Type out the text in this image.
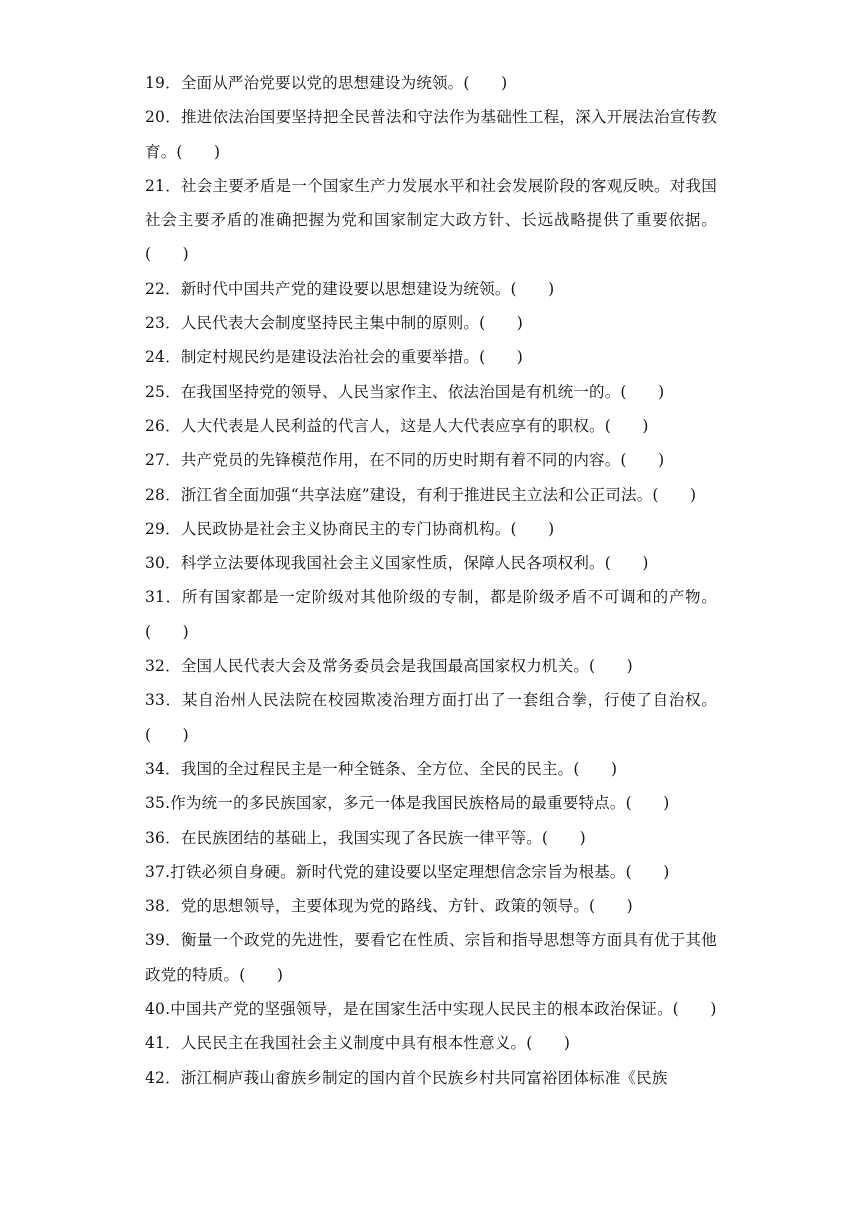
19．全面从严治党要以党的思想建设为统领。(　　)

20．推进依法治国要坚持把全民普法和守法作为基础性工程，深入开展法治宣传教育。(　　)

21．社会主要矛盾是一个国家生产力发展水平和社会发展阶段的客观反映。对我国社会主要矛盾的准确把握为党和国家制定大政方针、长远战略提供了重要依据。(　　)

22．新时代中国共产党的建设要以思想建设为统领。(　　)

23．人民代表大会制度坚持民主集中制的原则。(　　)

24．制定村规民约是建设法治社会的重要举措。(　　)

25．在我国坚持党的领导、人民当家作主、依法治国是有机统一的。(　　)

26．人大代表是人民利益的代言人，这是人大代表应享有的职权。(　　)

27．共产党员的先锋模范作用，在不同的历史时期有着不同的内容。(　　)

28．浙江省全面加强“共享法庭”建设，有利于推进民主立法和公正司法。(　　)

29．人民政协是社会主义协商民主的专门协商机构。(　　)

30．科学立法要体现我国社会主义国家性质，保障人民各项权利。(　　)

31．所有国家都是一定阶级对其他阶级的专制，都是阶级矛盾不可调和的产物。(　　)

32．全国人民代表大会及常务委员会是我国最高国家权力机关。(　　)

33．某自治州人民法院在校园欺凌治理方面打出了一套组合拳，行使了自治权。(　　)

34．我国的全过程民主是一种全链条、全方位、全民的民主。(　　)

35.作为统一的多民族国家，多元一体是我国民族格局的最重要特点。(　　)

36．在民族团结的基础上，我国实现了各民族一律平等。(　　)

37.打铁必须自身硬。新时代党的建设要以坚定理想信念宗旨为根基。(　　)

38．党的思想领导，主要体现为党的路线、方针、政策的领导。(　　)

39．衡量一个政党的先进性，要看它在性质、宗旨和指导思想等方面具有优于其他政党的特质。(　　)

40.中国共产党的坚强领导，是在国家生活中实现人民民主的根本政治保证。(　　)

41．人民民主在我国社会主义制度中具有根本性意义。(　　)

42．浙江桐庐莪山畲族乡制定的国内首个民族乡村共同富裕团体标准《民族
